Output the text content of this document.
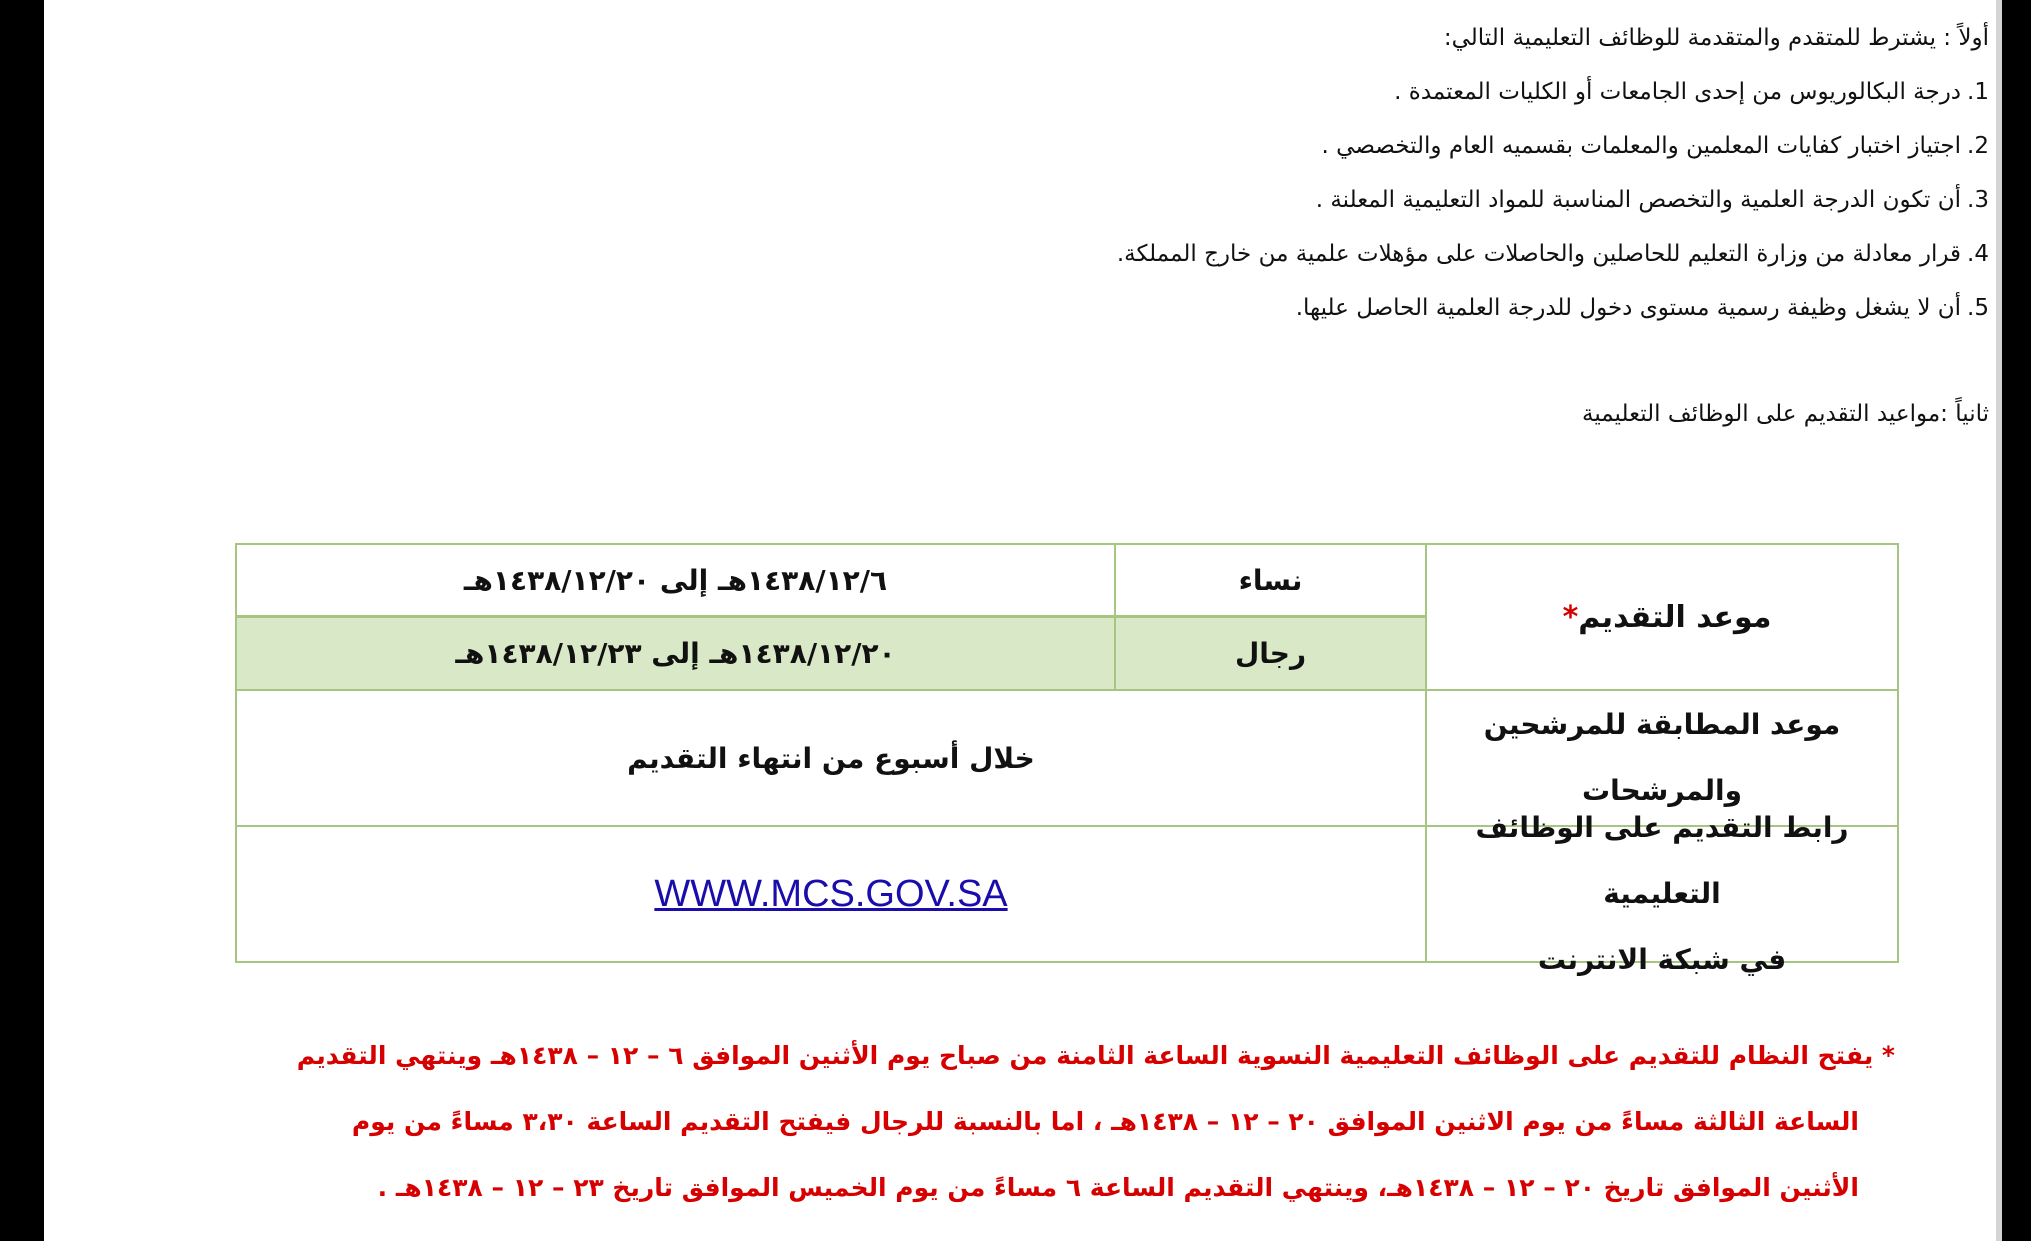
أولاً : يشترط للمتقدم والمتقدمة للوظائف التعليمية التالي:
1.درجة البكالوريوس من إحدى الجامعات أو الكليات المعتمدة .
2.اجتياز اختبار كفايات المعلمين والمعلمات بقسميه العام والتخصصي .
3.أن تكون الدرجة العلمية والتخصص المناسبة للمواد التعليمية المعلنة .
4.قرار معادلة من وزارة التعليم للحاصلين والحاصلات على مؤهلات علمية من خارج المملكة.
5.أن لا يشغل وظيفة رسمية مستوى دخول للدرجة العلمية الحاصل عليها.
ثانياً :مواعيد التقديم على الوظائف التعليمية
موعد التقديم
*
نساء
١٤٣٨/١٢/٦هـ إلى ١٤٣٨/١٢/٢٠هـ
رجال
١٤٣٨/١٢/٢٠هـ إلى ١٤٣٨/١٢/٢٣هـ
موعد المطابقة للمرشحين
والمرشحات
خلال أسبوع من انتهاء التقديم
رابط التقديم على الوظائف التعليمية
في شبكة الانترنت
WWW.MCS.GOV.SA
* يفتح النظام للتقديم على الوظائف التعليمية النسوية الساعة الثامنة من صباح يوم الأثنين الموافق ٦ – ١٢ – ١٤٣٨هـ وينتهي التقديم
الساعة الثالثة مساءً من يوم الاثنين الموافق ٢٠ – ١٢ – ١٤٣٨هـ ، اما بالنسبة للرجال فيفتح التقديم الساعة ٣،٣٠ مساءً من يوم
الأثنين الموافق تاريخ ٢٠ – ١٢ – ١٤٣٨هـ، وينتهي التقديم الساعة ٦ مساءً من يوم الخميس الموافق تاريخ ٢٣ – ١٢ – ١٤٣٨هـ .
